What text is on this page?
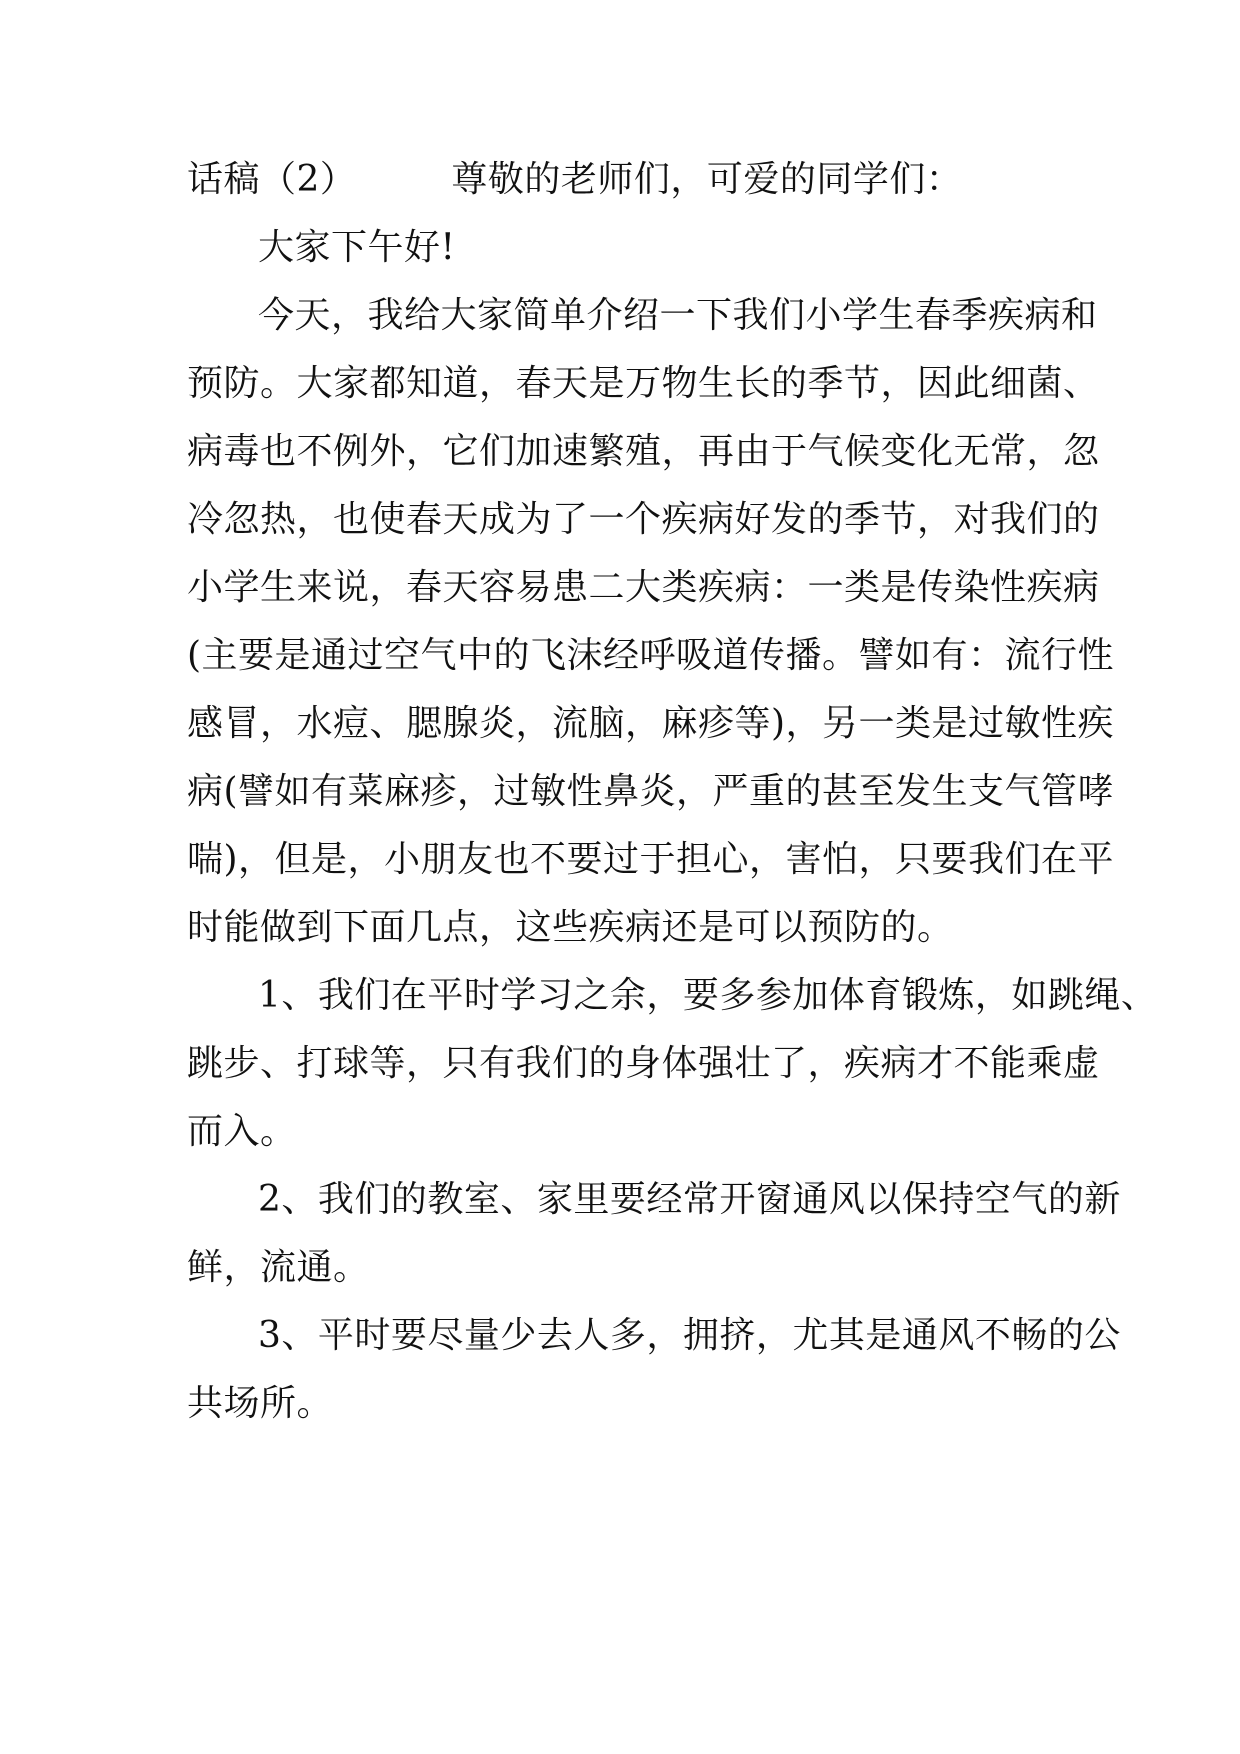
话稿（2）	尊敬的老师们，可爱的同学们：
大家下午好!
今天，我给大家简单介绍一下我们小学生春季疾病和
预防。大家都知道，春天是万物生长的季节，因此细菌、
病毒也不例外，它们加速繁殖，再由于气候变化无常，忽
冷忽热，也使春天成为了一个疾病好发的季节，对我们的
小学生来说，春天容易患二大类疾病：一类是传染性疾病
(主要是通过空气中的飞沫经呼吸道传播。譬如有：流行性
感冒，水痘、腮腺炎，流脑，麻疹等)，另一类是过敏性疾
病(譬如有菜麻疹，过敏性鼻炎，严重的甚至发生支气管哮
喘)，但是，小朋友也不要过于担心，害怕，只要我们在平
时能做到下面几点，这些疾病还是可以预防的。
1、我们在平时学习之余，要多参加体育锻炼，如跳绳、
跳步、打球等，只有我们的身体强壮了，疾病才不能乘虚
而入。
2、我们的教室、家里要经常开窗通风以保持空气的新
鲜，流通。
3、平时要尽量少去人多，拥挤，尤其是通风不畅的公
共场所。
